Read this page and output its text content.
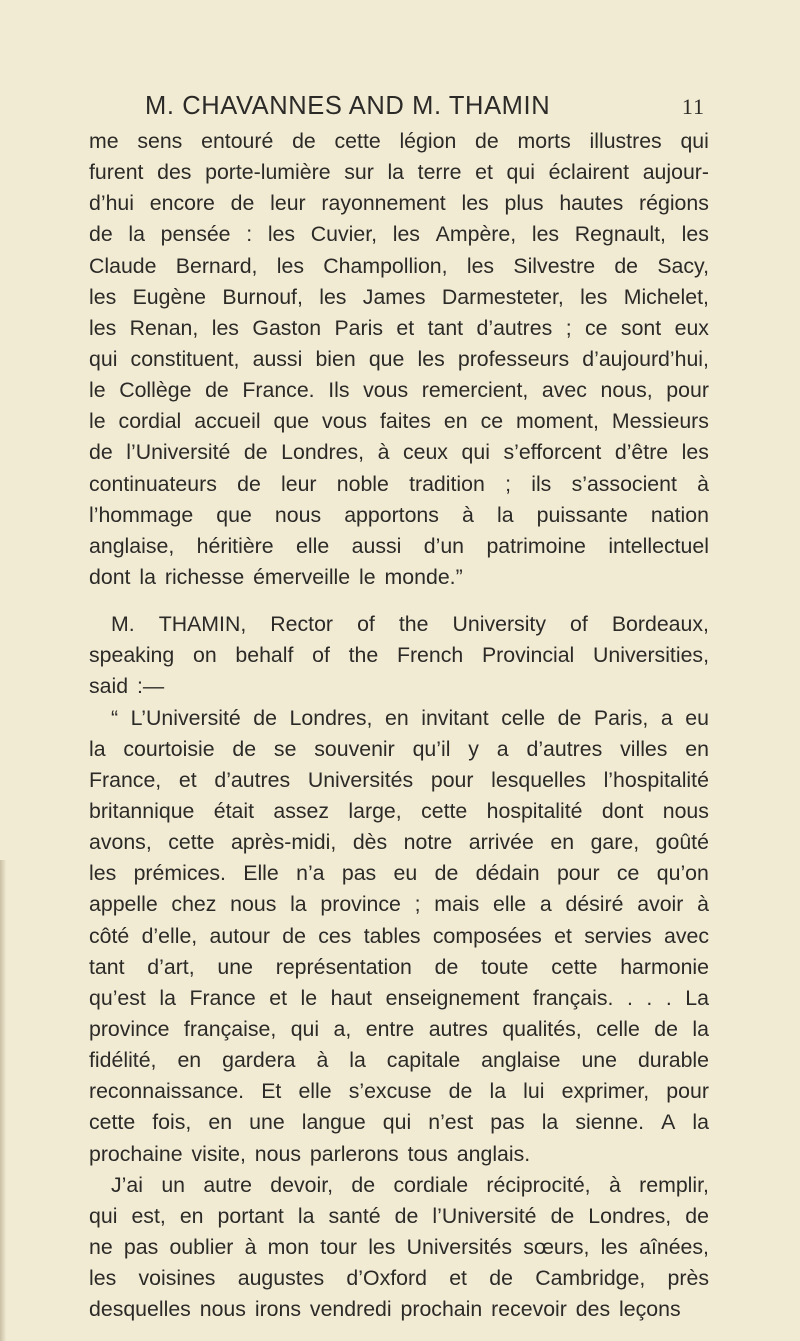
M. CHAVANNES AND M. THAMIN	11
me sens entouré de cette légion de morts illustres qui
furent des porte-lumière sur la terre et qui éclairent aujour-
d’hui encore de leur rayonnement les plus hautes régions
de la pensée : les Cuvier, les Ampère, les Regnault, les
Claude Bernard, les Champollion, les Silvestre de Sacy,
les Eugène Burnouf, les James Darmesteter, les Michelet,
les Renan, les Gaston Paris et tant d’autres ; ce sont eux
qui constituent, aussi bien que les professeurs d’aujourd’hui,
le Collège de France. Ils vous remercient, avec nous, pour
le cordial accueil que vous faites en ce moment, Messieurs
de l’Université de Londres, à ceux qui s’efforcent d’être les
continuateurs de leur noble tradition ; ils s’associent à
l’hommage que nous apportons à la puissante nation
anglaise, héritière elle aussi d’un patrimoine intellectuel
dont la richesse émerveille le monde.”
M. THAMIN, Rector of the University of Bordeaux,
speaking on behalf of the French Provincial Universities,
said :—
“ L’Université de Londres, en invitant celle de Paris, a eu
la courtoisie de se souvenir qu’il y a d’autres villes en
France, et d’autres Universités pour lesquelles l’hospitalité
britannique était assez large, cette hospitalité dont nous
avons, cette après-midi, dès notre arrivée en gare, goûté
les prémices. Elle n’a pas eu de dédain pour ce qu’on
appelle chez nous la province ; mais elle a désiré avoir à
côté d’elle, autour de ces tables composées et servies avec
tant d’art, une représentation de toute cette harmonie
qu’est la France et le haut enseignement français. . . . La
province française, qui a, entre autres qualités, celle de la
fidélité, en gardera à la capitale anglaise une durable
reconnaissance. Et elle s’excuse de la lui exprimer, pour
cette fois, en une langue qui n’est pas la sienne. A la
prochaine visite, nous parlerons tous anglais.
J’ai un autre devoir, de cordiale réciprocité, à remplir,
qui est, en portant la santé de l’Université de Londres, de
ne pas oublier à mon tour les Universités sœurs, les aînées,
les voisines augustes d’Oxford et de Cambridge, près
desquelles nous irons vendredi prochain recevoir des leçons
